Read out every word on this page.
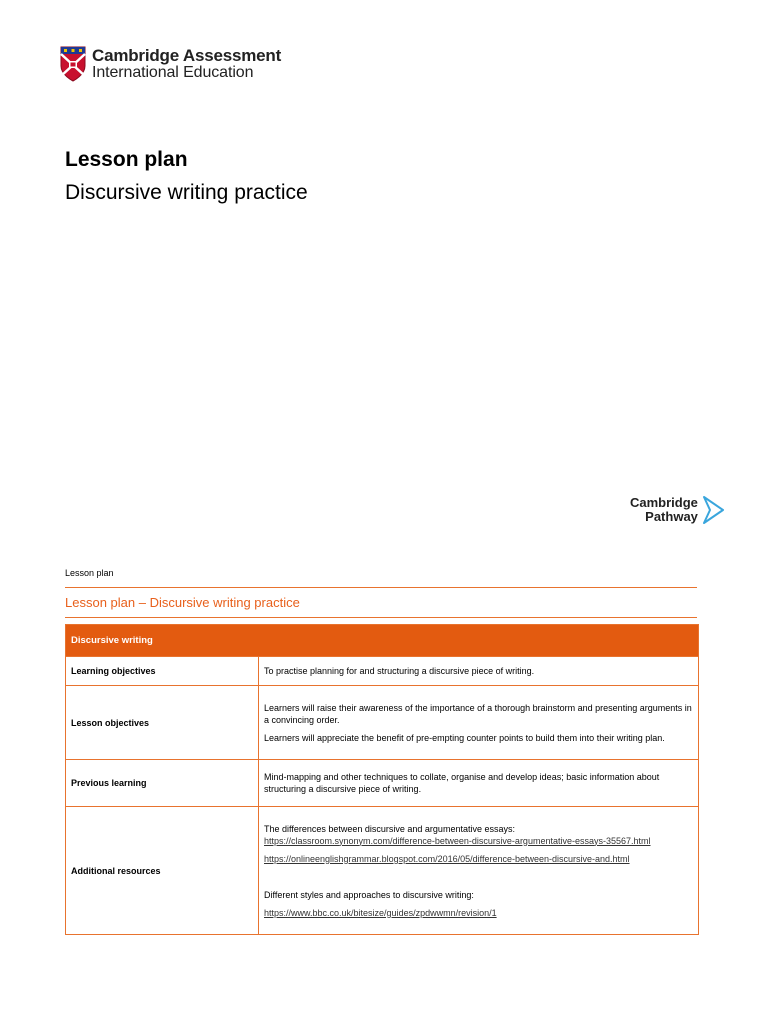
Cambridge Assessment
International Education
Lesson plan
Discursive writing practice
Cambridge
Pathway
Lesson plan
Lesson plan – Discursive writing practice
Discursive writing	
Learning objectives	To practise planning for and structuring a discursive piece of writing.
Lesson objectives	Learners will raise their awareness of the importance of a thorough brainstorm and presenting arguments in a convincing order.

Learners will appreciate the benefit of pre-empting counter points to build them into their writing plan.

Previous learning	Mind-mapping and other techniques to collate, organise and develop ideas; basic information about structuring a discursive piece of writing.
Additional resources	The differences between discursive and argumentative essays:

https://classroom.synonym.com/difference-between-discursive-argumentative-essays-35567.html

https://onlineenglishgrammar.blogspot.com/2016/05/difference-between-discursive-and.html

Different styles and approaches to discursive writing:

https://www.bbc.co.uk/bitesize/guides/zpdwwmn/revision/1
